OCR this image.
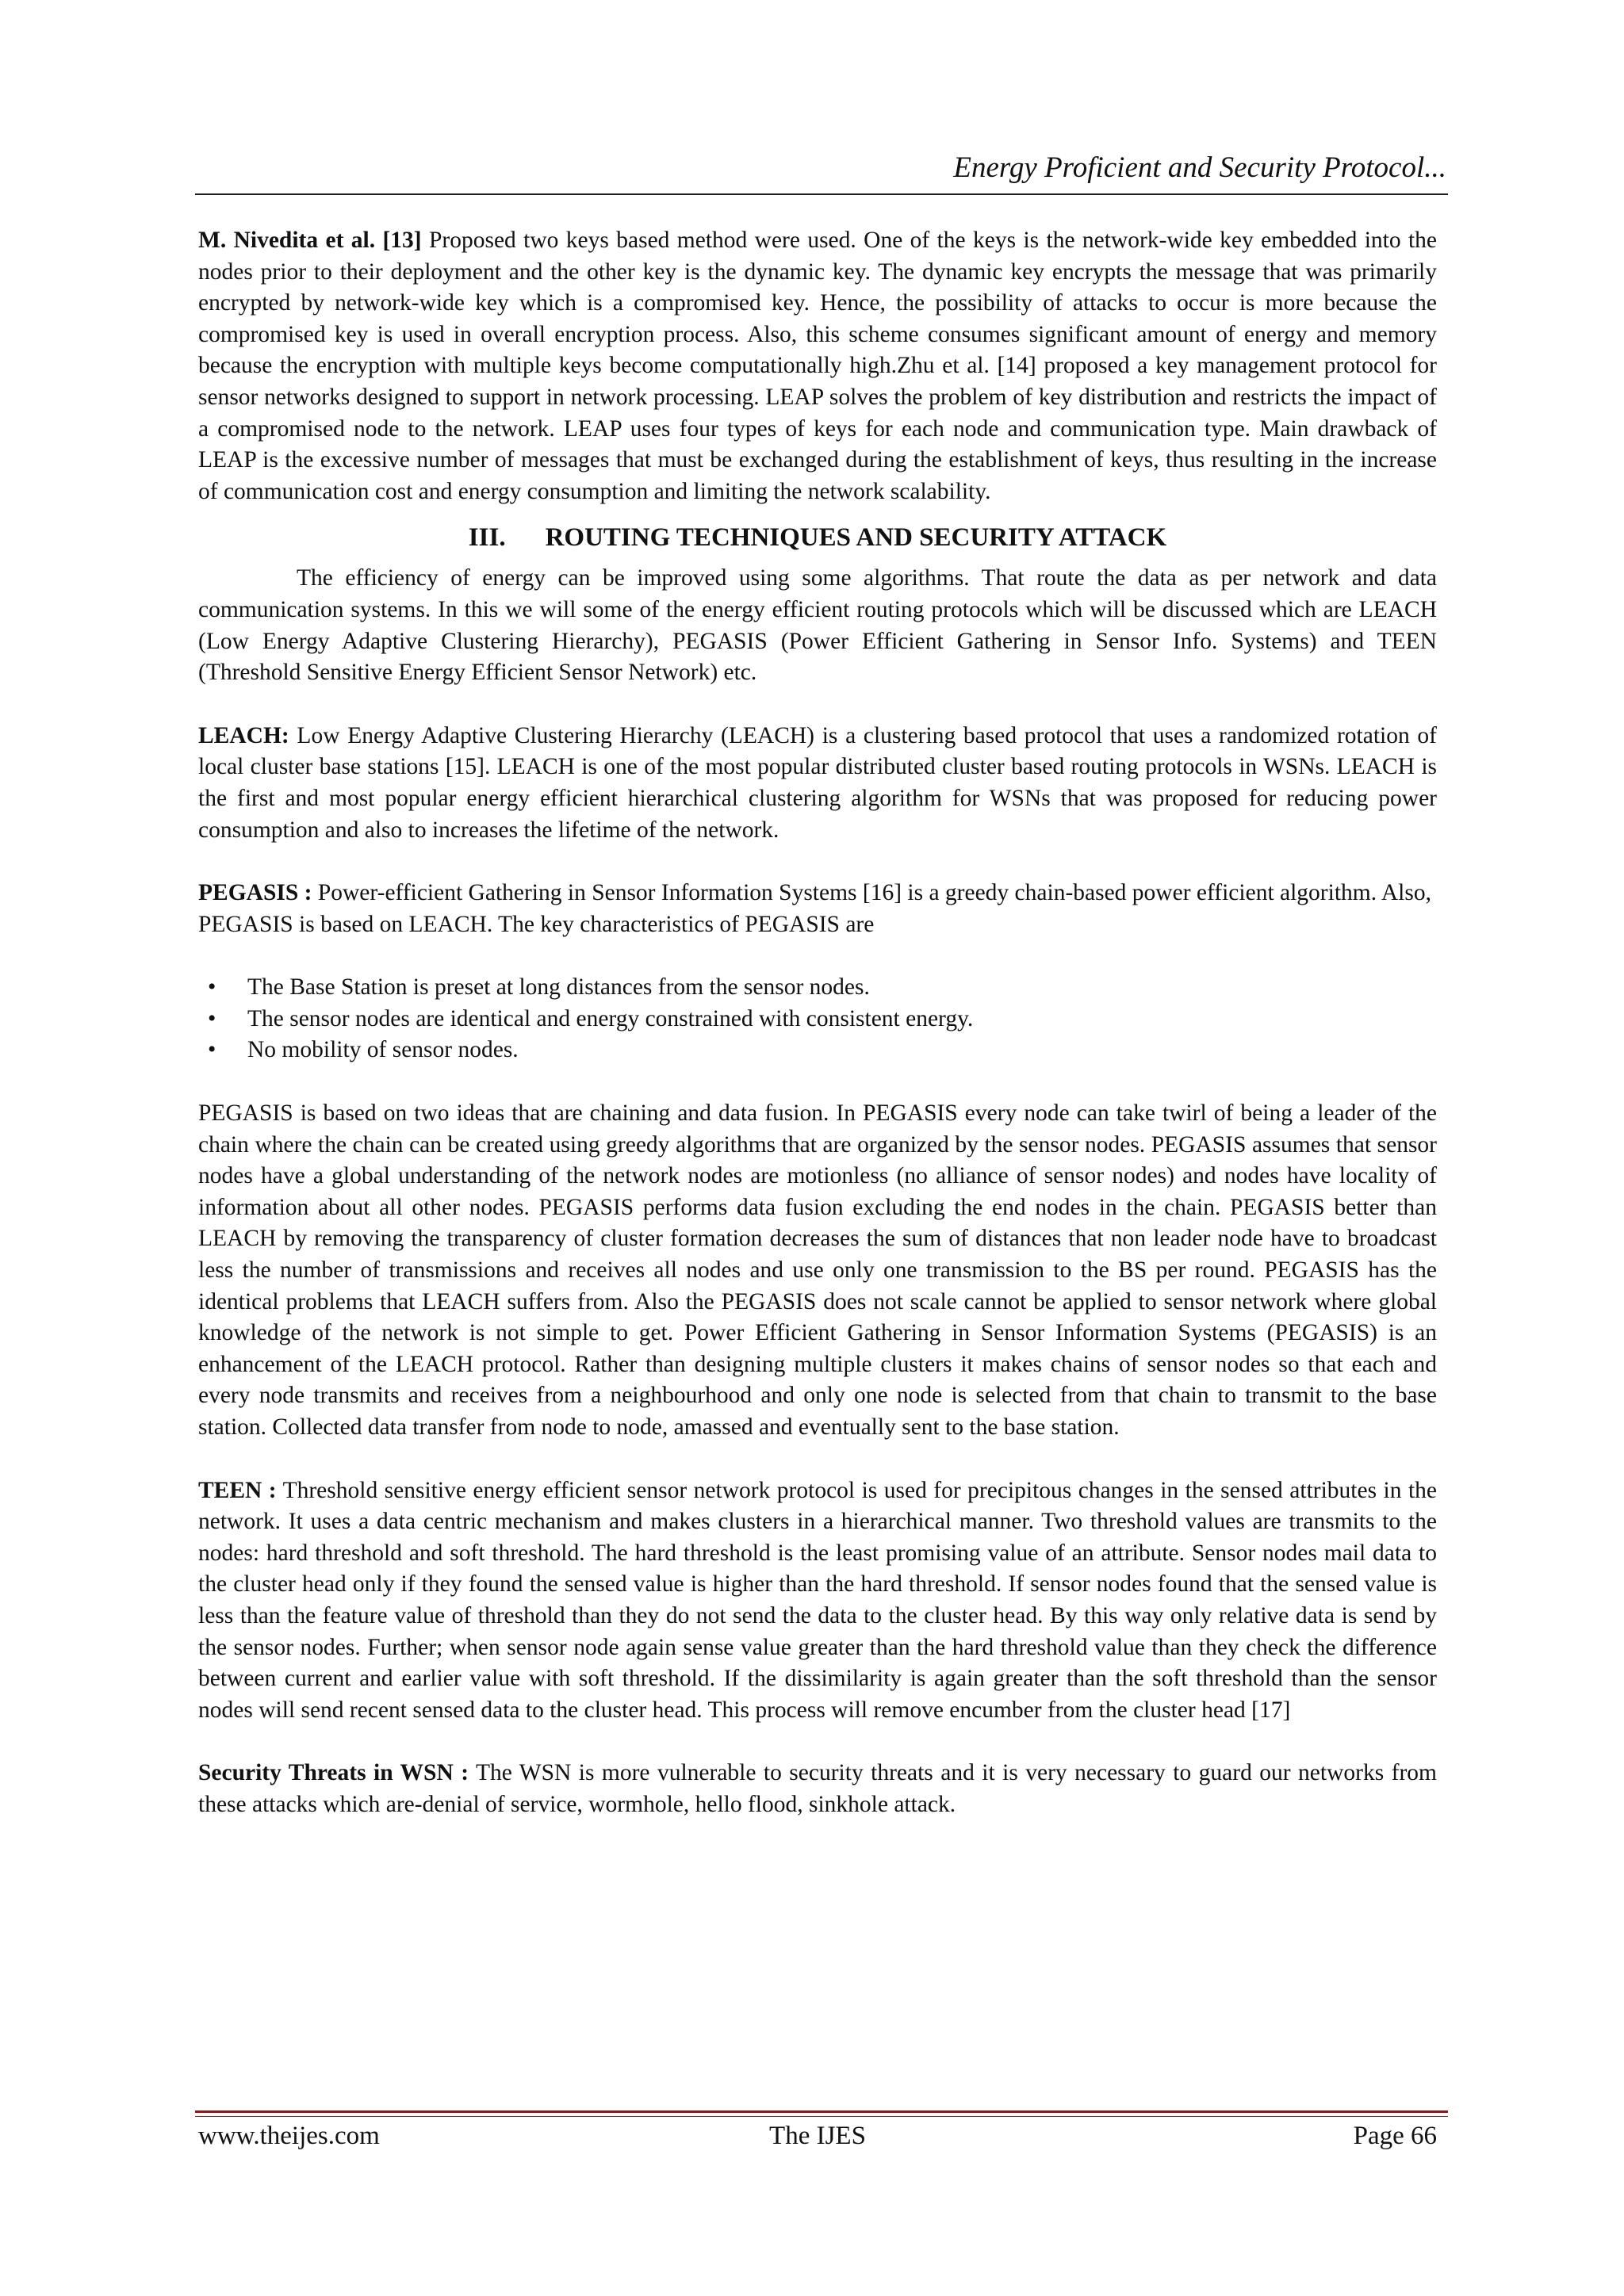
Energy Proficient and Security Protocol...

M. Nivedita et al. [13] Proposed two keys based method were used. One of the keys is the network-wide key embedded into the nodes prior to their deployment and the other key is the dynamic key. The dynamic key encrypts the message that was primarily encrypted by network-wide key which is a compromised key. Hence, the possibility of attacks to occur is more because the compromised key is used in overall encryption process. Also, this scheme consumes significant amount of energy and memory because the encryption with multiple keys become computationally high.Zhu et al. [14] proposed a key management protocol for sensor networks designed to support in network processing. LEAP solves the problem of key distribution and restricts the impact of a compromised node to the network. LEAP uses four types of keys for each node and communication type. Main drawback of LEAP is the excessive number of messages that must be exchanged during the establishment of keys, thus resulting in the increase of communication cost and energy consumption and limiting the network scalability.

III. ROUTING TECHNIQUES AND SECURITY ATTACK

The efficiency of energy can be improved using some algorithms. That route the data as per network and data communication systems. In this we will some of the energy efficient routing protocols which will be discussed which are LEACH (Low Energy Adaptive Clustering Hierarchy), PEGASIS (Power Efficient Gathering in Sensor Info. Systems) and TEEN (Threshold Sensitive Energy Efficient Sensor Network) etc.

LEACH: Low Energy Adaptive Clustering Hierarchy (LEACH) is a clustering based protocol that uses a randomized rotation of local cluster base stations [15]. LEACH is one of the most popular distributed cluster based routing protocols in WSNs. LEACH is the first and most popular energy efficient hierarchical clustering algorithm for WSNs that was proposed for reducing power consumption and also to increases the lifetime of the network.

PEGASIS : Power-efficient Gathering in Sensor Information Systems [16] is a greedy chain-based power efficient algorithm. Also, PEGASIS is based on LEACH. The key characteristics of PEGASIS are

• The Base Station is preset at long distances from the sensor nodes.
• The sensor nodes are identical and energy constrained with consistent energy.
• No mobility of sensor nodes.

PEGASIS is based on two ideas that are chaining and data fusion. In PEGASIS every node can take twirl of being a leader of the chain where the chain can be created using greedy algorithms that are organized by the sensor nodes. PEGASIS assumes that sensor nodes have a global understanding of the network nodes are motionless (no alliance of sensor nodes) and nodes have locality of information about all other nodes. PEGASIS performs data fusion excluding the end nodes in the chain. PEGASIS better than LEACH by removing the transparency of cluster formation decreases the sum of distances that non leader node have to broadcast less the number of transmissions and receives all nodes and use only one transmission to the BS per round. PEGASIS has the identical problems that LEACH suffers from. Also the PEGASIS does not scale cannot be applied to sensor network where global knowledge of the network is not simple to get. Power Efficient Gathering in Sensor Information Systems (PEGASIS) is an enhancement of the LEACH protocol. Rather than designing multiple clusters it makes chains of sensor nodes so that each and every node transmits and receives from a neighbourhood and only one node is selected from that chain to transmit to the base station. Collected data transfer from node to node, amassed and eventually sent to the base station.

TEEN : Threshold sensitive energy efficient sensor network protocol is used for precipitous changes in the sensed attributes in the network. It uses a data centric mechanism and makes clusters in a hierarchical manner. Two threshold values are transmits to the nodes: hard threshold and soft threshold. The hard threshold is the least promising value of an attribute. Sensor nodes mail data to the cluster head only if they found the sensed value is higher than the hard threshold. If sensor nodes found that the sensed value is less than the feature value of threshold than they do not send the data to the cluster head. By this way only relative data is send by the sensor nodes. Further; when sensor node again sense value greater than the hard threshold value than they check the difference between current and earlier value with soft threshold. If the dissimilarity is again greater than the soft threshold than the sensor nodes will send recent sensed data to the cluster head. This process will remove encumber from the cluster head [17]

Security Threats in WSN : The WSN is more vulnerable to security threats and it is very necessary to guard our networks from these attacks which are-denial of service, wormhole, hello flood, sinkhole attack.

www.theijes.com	The IJES	Page 66
